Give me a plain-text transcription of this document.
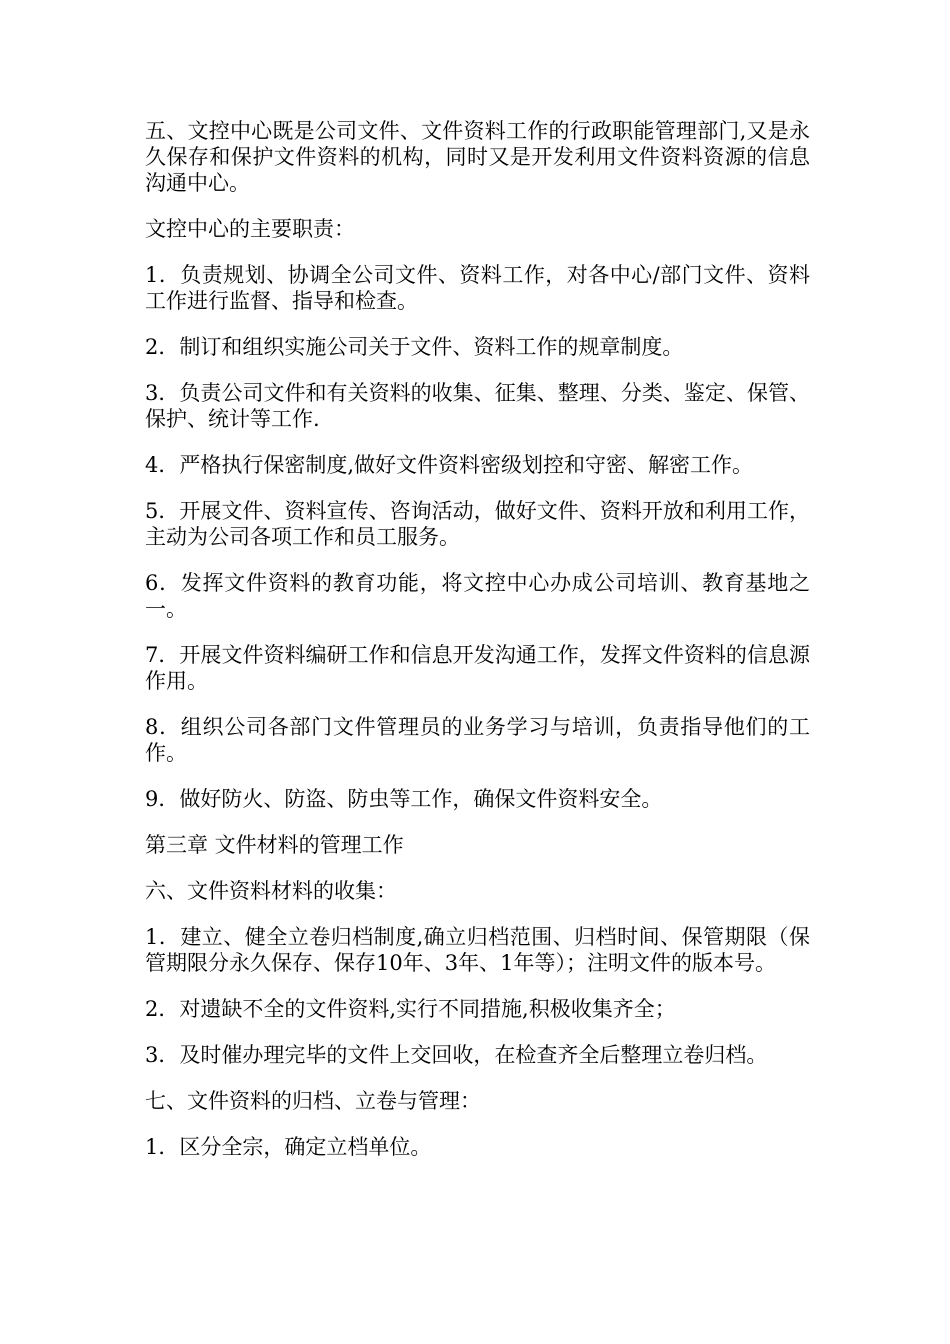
五、文控中心既是公司文件、文件资料工作的行政职能管理部门,又是永久保存和保护文件资料的机构，同时又是开发利用文件资料资源的信息沟通中心。

文控中心的主要职责：

1．负责规划、协调全公司文件、资料工作，对各中心/部门文件、资料工作进行监督、指导和检查。

2．制订和组织实施公司关于文件、资料工作的规章制度。

3．负责公司文件和有关资料的收集、征集、整理、分类、鉴定、保管、保护、统计等工作.

4．严格执行保密制度,做好文件资料密级划控和守密、解密工作。

5．开展文件、资料宣传、咨询活动，做好文件、资料开放和利用工作，主动为公司各项工作和员工服务。

6．发挥文件资料的教育功能，将文控中心办成公司培训、教育基地之一。

7．开展文件资料编研工作和信息开发沟通工作，发挥文件资料的信息源作用。

8．组织公司各部门文件管理员的业务学习与培训，负责指导他们的工作。

9．做好防火、防盗、防虫等工作，确保文件资料安全。

第三章 文件材料的管理工作

六、文件资料材料的收集：

1．建立、健全立卷归档制度,确立归档范围、归档时间、保管期限（保管期限分永久保存、保存10年、3年、1年等）；注明文件的版本号。

2．对遗缺不全的文件资料,实行不同措施,积极收集齐全；

3．及时催办理完毕的文件上交回收，在检查齐全后整理立卷归档。

七、文件资料的归档、立卷与管理：

1．区分全宗，确定立档单位。
